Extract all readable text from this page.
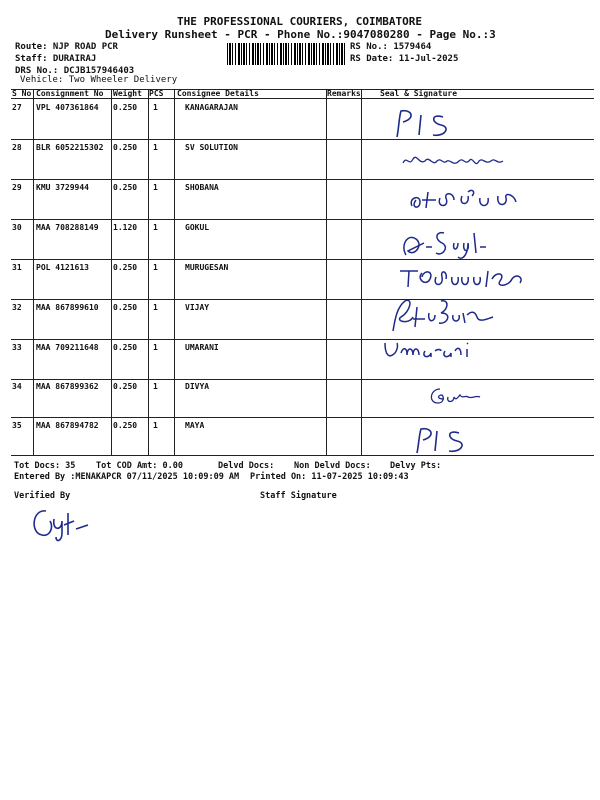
THE PROFESSIONAL COURIERS, COIMBATORE
Delivery Runsheet - PCR - Phone No.:9047080280 - Page No.:3
Route: NJP ROAD PCR
Staff: DURAIRAJ
DRS No.: DCJB157946403
Vehicle: Two Wheeler Delivery
RS No.: 1579464
RS Date: 11-Jul-2025
S No Consignment No Weight PCS Consignee Details	Remarks Seal & Signature
27 VPL 407361864 0.250 1	KANAGARAJAN
28 BLR 6052215302 0.250 1	SV SOLUTION
29 KMU 3729944	0.250 1	SHOBANA
30 MAA 708288149 1.120 1	GOKUL
31 POL 4121613	0.250 1	MURUGESAN
32 MAA 867899610 0.250 1	VIJAY
33 MAA 709211648 0.250 1	UMARANI
34 MAA 867899362 0.250 1	DIVYA
35 MAA 867894782 0.250 1	MAYA
Tot Docs: 35 Tot COD Amt: 0.00	Delvd Docs: Non Delvd Docs: Delvy Pts:
Entered By :MENAKAPCR 07/11/2025 10:09:09 AM Printed On: 11-07-2025 10:09:43
Verified By	Staff Signature
